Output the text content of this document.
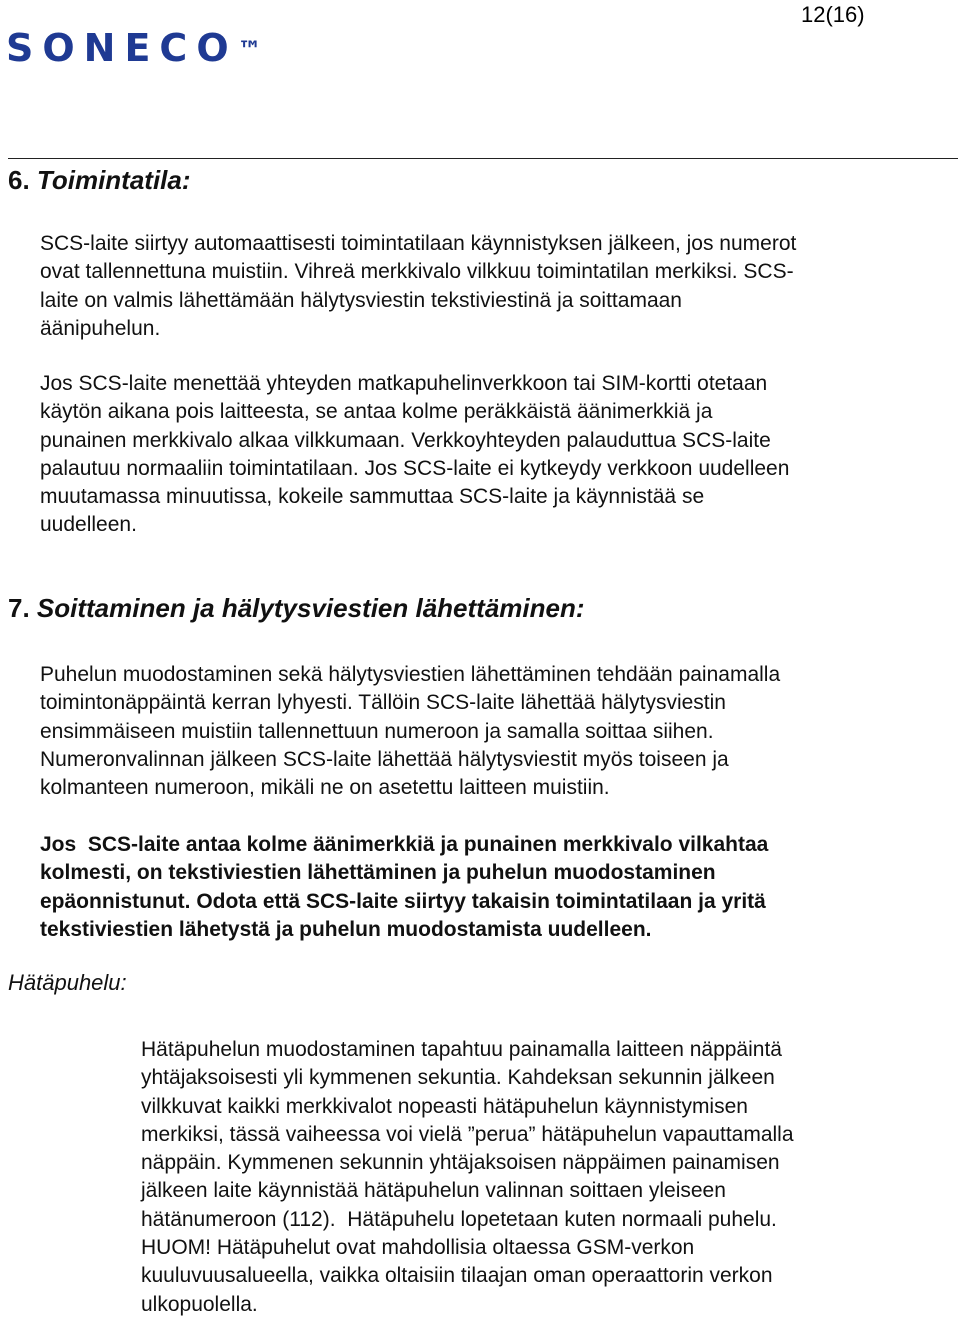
12(16)
SONECO™
6. Toimintatila:
SCS-laite siirtyy automaattisesti toimintatilaan käynnistyksen jälkeen, jos numerot
ovat tallennettuna muistiin. Vihreä merkkivalo vilkkuu toimintatilan merkiksi. SCS-
laite on valmis lähettämään hälytysviestin tekstiviestinä ja soittamaan
äänipuhelun.
Jos SCS-laite menettää yhteyden matkapuhelinverkkoon tai SIM-kortti otetaan
käytön aikana pois laitteesta, se antaa kolme peräkkäistä äänimerkkiä ja
punainen merkkivalo alkaa vilkkumaan. Verkkoyhteyden palauduttua SCS-laite
palautuu normaaliin toimintatilaan. Jos SCS-laite ei kytkeydy verkkoon uudelleen
muutamassa minuutissa, kokeile sammuttaa SCS-laite ja käynnistää se
uudelleen.
7. Soittaminen ja hälytysviestien lähettäminen:
Puhelun muodostaminen sekä hälytysviestien lähettäminen tehdään painamalla
toimintonäppäintä kerran lyhyesti. Tällöin SCS-laite lähettää hälytysviestin
ensimmäiseen muistiin tallennettuun numeroon ja samalla soittaa siihen.
Numeronvalinnan jälkeen SCS-laite lähettää hälytysviestit myös toiseen ja
kolmanteen numeroon, mikäli ne on asetettu laitteen muistiin.
Jos  SCS-laite antaa kolme äänimerkkiä ja punainen merkkivalo vilkahtaa
kolmesti, on tekstiviestien lähettäminen ja puhelun muodostaminen
epäonnistunut. Odota että SCS-laite siirtyy takaisin toimintatilaan ja yritä
tekstiviestien lähetystä ja puhelun muodostamista uudelleen.
Hätäpuhelu:
Hätäpuhelun muodostaminen tapahtuu painamalla laitteen näppäintä
yhtäjaksoisesti yli kymmenen sekuntia. Kahdeksan sekunnin jälkeen
vilkkuvat kaikki merkkivalot nopeasti hätäpuhelun käynnistymisen
merkiksi, tässä vaiheessa voi vielä ”perua” hätäpuhelun vapauttamalla
näppäin. Kymmenen sekunnin yhtäjaksoisen näppäimen painamisen
jälkeen laite käynnistää hätäpuhelun valinnan soittaen yleiseen
hätänumeroon (112).  Hätäpuhelu lopetetaan kuten normaali puhelu.
HUOM! Hätäpuhelut ovat mahdollisia oltaessa GSM-verkon
kuuluvuusalueella, vaikka oltaisiin tilaajan oman operaattorin verkon
ulkopuolella.
